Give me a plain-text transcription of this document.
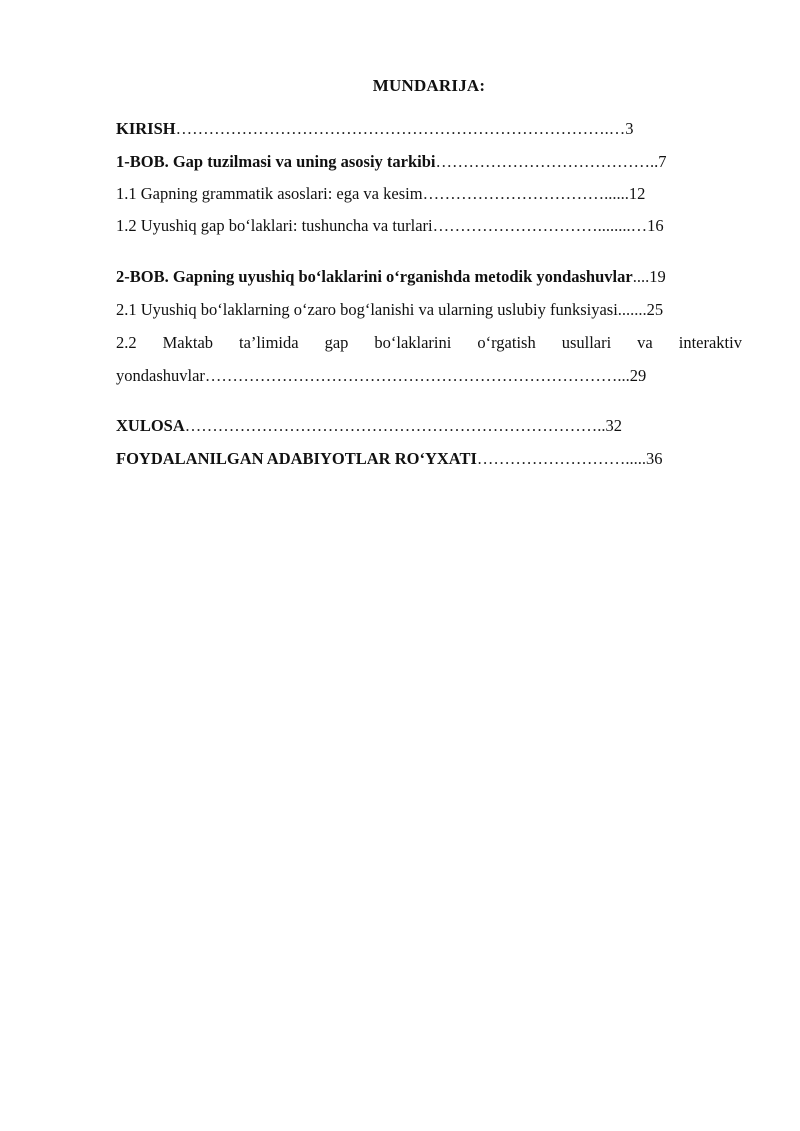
MUNDARIJA:
KIRISH…………………………………………………………………….…3
1-BOB. Gap tuzilmasi va uning asosiy tarkibi…………………………………..7
1.1 Gapning grammatik asoslari: ega va kesim……………………………......12
1.2 Uyushiq gap bo‘laklari: tushuncha va turlari…………………………........…16
2-BOB. Gapning uyushiq bo‘laklarini o‘rganishda metodik yondashuvlar....19
2.1 Uyushiq bo‘laklarning o‘zaro bog‘lanishi va ularning uslubiy funksiyasi.......25
2.2 Maktab ta’limida gap bo‘laklarini o‘rgatish usullari va interaktiv
yondashuvlar…………………………………………………………………...29
XULOSA…………………………………………………………………..32
FOYDALANILGAN ADABIYOTLAR RO‘YXATI……………………….....36
